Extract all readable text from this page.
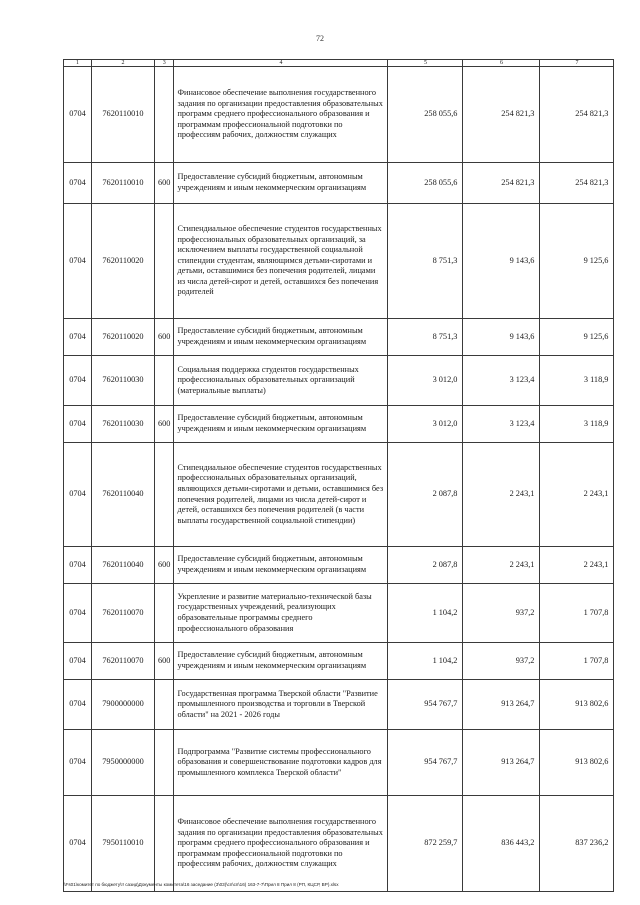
72
1	2	3	4	5	6	7
0704	7620110010		Финансовое обеспечение выполнения государственного задания по организации предоставления образовательных программ среднего профессионального образования и программам профессиональной подготовки по профессиям рабочих, должностям служащих	258 055,6	254 821,3	254 821,3
0704	7620110010	600	Предоставление субсидий бюджетным, автономным учреждениям и иным некоммерческим организациям	258 055,6	254 821,3	254 821,3
0704	7620110020		Стипендиальное обеспечение студентов государственных профессиональных образовательных организаций, за исключением выплаты государственной социальной стипендии студентам, являющимся детьми-сиротами и детьми, оставшимися без попечения родителей, лицами из числа детей-сирот и детей, оставшихся без попечения родителей	8 751,3	9 143,6	9 125,6
0704	7620110020	600	Предоставление субсидий бюджетным, автономным учреждениям и иным некоммерческим организациям	8 751,3	9 143,6	9 125,6
0704	7620110030		Социальная поддержка студентов государственных профессиональных образовательных организаций (материальные выплаты)	3 012,0	3 123,4	3 118,9
0704	7620110030	600	Предоставление субсидий бюджетным, автономным учреждениям и иным некоммерческим организациям	3 012,0	3 123,4	3 118,9
0704	7620110040		Стипендиальное обеспечение студентов государственных профессиональных образовательных организаций, являющихся детьми-сиротами и детьми, оставшимися без попечения родителей, лицами из числа детей-сирот и детей, оставшихся без попечения родителей (в части выплаты государственной социальной стипендии)	2 087,8	2 243,1	2 243,1
0704	7620110040	600	Предоставление субсидий бюджетным, автономным учреждениям и иным некоммерческим организациям	2 087,8	2 243,1	2 243,1
0704	7620110070		Укрепление и развитие материально-технической базы государственных учреждений, реализующих образовательные программы среднего профессионального образования	1 104,2	937,2	1 707,8
0704	7620110070	600	Предоставление субсидий бюджетным, автономным учреждениям и иным некоммерческим организациям	1 104,2	937,2	1 707,8
0704	7900000000		Государственная программа Тверской области "Развитие промышленного производства и торговли в Тверской области" на 2021 - 2026 годы	954 767,7	913 264,7	913 802,6
0704	7950000000		Подпрограмма "Развитие системы профессионального образования и совершенствование подготовки кадров для промышленного комплекса Тверской области"	954 767,7	913 264,7	913 802,6
0704	7950110010		Финансовое обеспечение выполнения государственного задания по организации предоставления образовательных программ среднего профессионального образования и программам профессиональной подготовки по профессиям рабочих, должностям служащих	872 259,7	836 443,2	837 236,2
\\Fs01\комитет по бюджету\!! сазид\Документы комитета\16 заседание (3\03)\сп\сп\16) 163-7-7\Прил 8 Прил 8 (РП, КЦСР, ВР).xlsx
